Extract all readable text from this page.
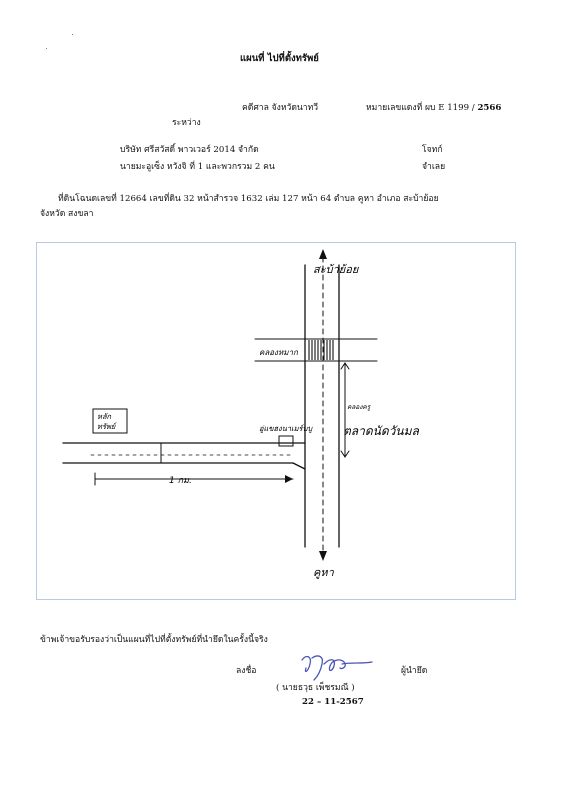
แผนที่ ไปที่ตั้งทรัพย์
คดีศาล จังหวัดนาทวี	หมายเลขแดงที่ ผบ E 1199 / 2566
ระหว่าง
บริษัท ศรีสวัสดิ์ พาวเวอร์ 2014 จำกัด	โจทก์
นายมะอูเซ็ง หวังจิ ที่ 1 และพวกรวม 2 คน	จำเลย
ที่ดินโฉนดเลขที่ 12664 เลขที่ดิน 32 หน้าสำรวจ 1632 เล่ม 127 หน้า 64 ตำบล คูหา อำเภอ สะบ้าย้อย
จังหวัด สงขลา
สะบ้าย้อย
คูหา
คลองหมาก
หลัก
ทรัพย์	อู่แขฮงนาเมร์บบู	ตลาดนัดวันมล
คลองครู
1 กม.
ข้าพเจ้าขอรับรองว่าเป็นแผนที่ไปที่ตั้งทรัพย์ที่นำยึดในครั้งนี้จริง
ลงชื่อ	ผู้นำยึด
( นายธวุธ เพ็ชรมณี )
22 – 11-2567
